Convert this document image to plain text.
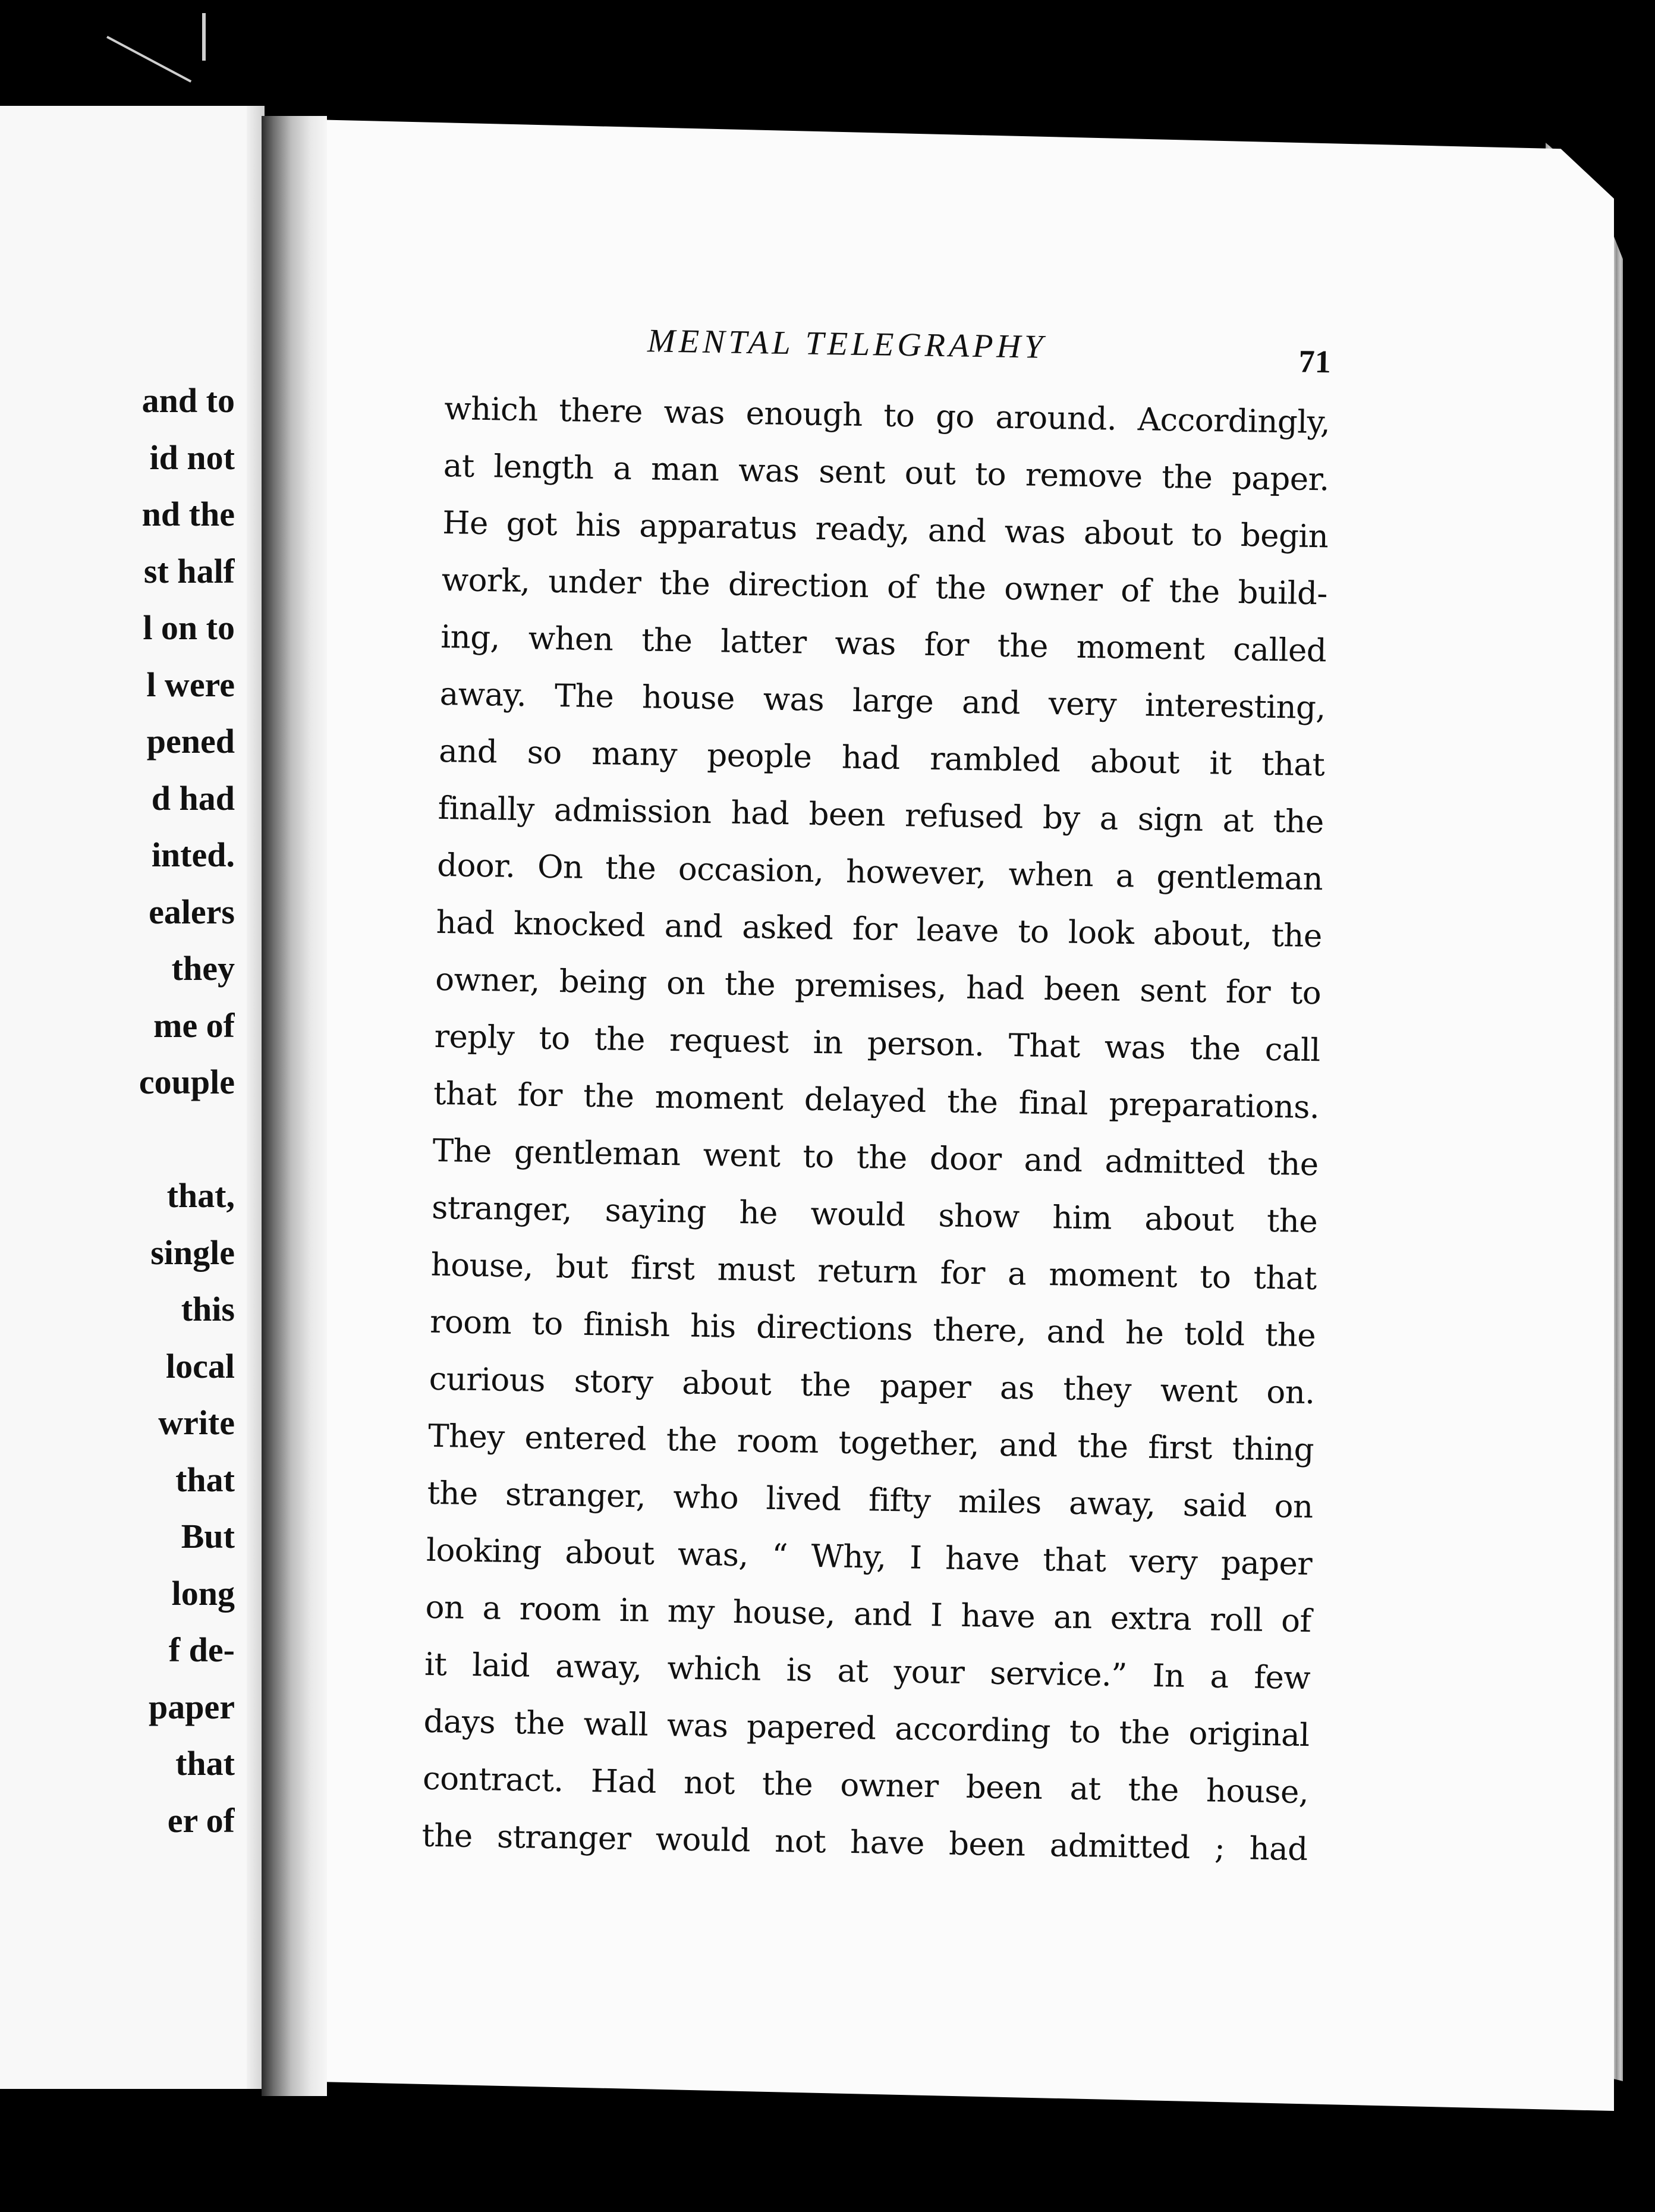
and to
id not
nd the
st half
l on to
l were
pened
d had
inted.
ealers
they
me of
couple
that,
single
this
local
write
that
But
long
f de-
paper
that
er of
MENTAL TELEGRAPHY	71
which there was enough to go around. Accordingly,
at length a man was sent out to remove the paper.
He got his apparatus ready, and was about to begin
work, under the direction of the owner of the build-
ing, when the latter was for the moment called
away. The house was large and very interesting,
and so many people had rambled about it that
finally admission had been refused by a sign at the
door. On the occasion, however, when a gentleman
had knocked and asked for leave to look about, the
owner, being on the premises, had been sent for to
reply to the request in person. That was the call
that for the moment delayed the final preparations.
The gentleman went to the door and admitted the
stranger, saying he would show him about the
house, but first must return for a moment to that
room to finish his directions there, and he told the
curious story about the paper as they went on.
They entered the room together, and the first thing
the stranger, who lived fifty miles away, said on
looking about was, “ Why, I have that very paper
on a room in my house, and I have an extra roll of
it laid away, which is at your service.” In a few
days the wall was papered according to the original
contract. Had not the owner been at the house,
the stranger would not have been admitted ; had
